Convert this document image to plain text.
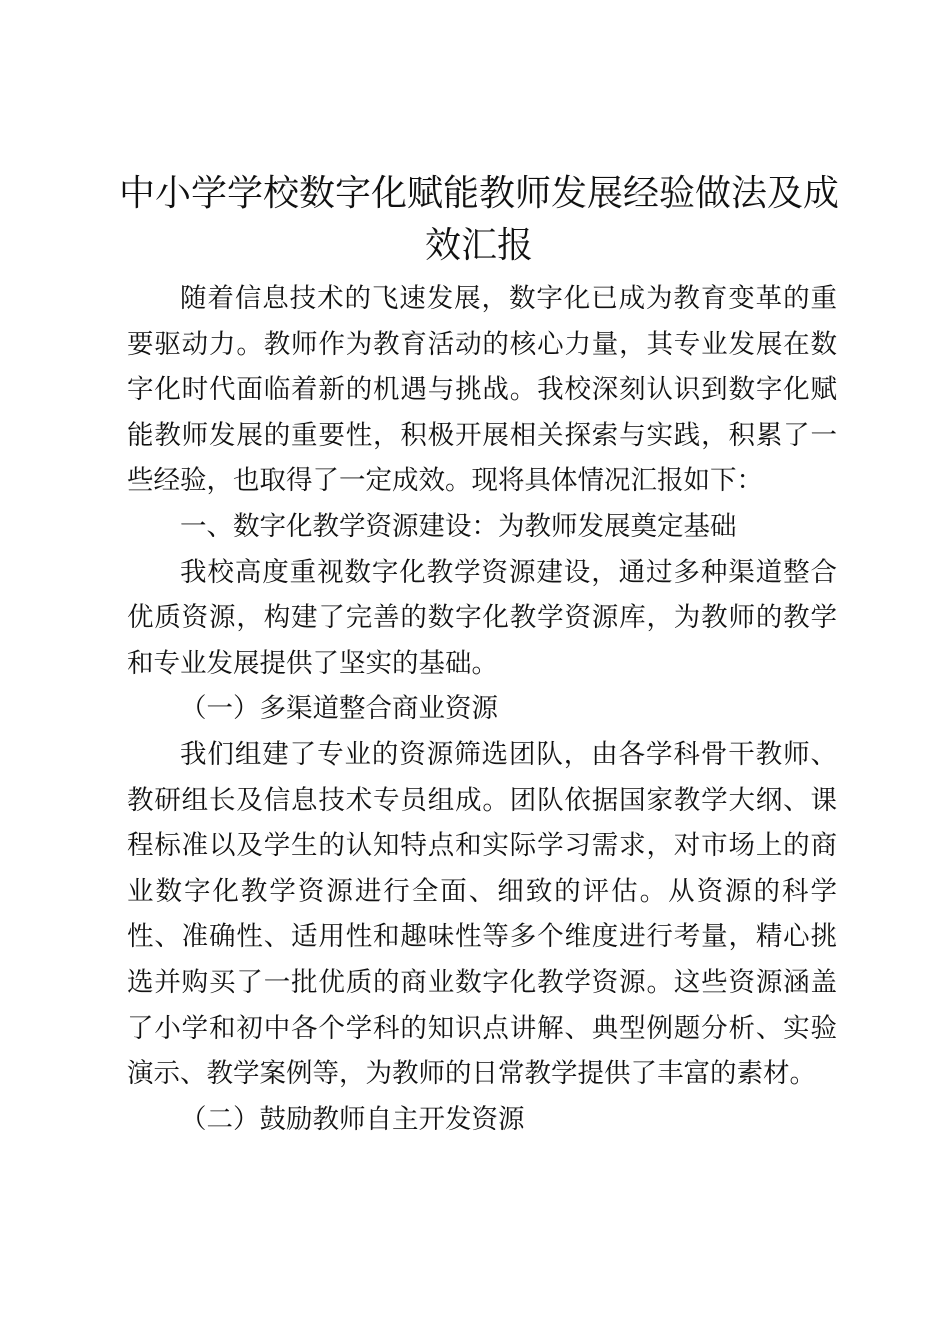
中小学学校数字化赋能教师发展经验做法及成效汇报

随着信息技术的飞速发展，数字化已成为教育变革的重要驱动力。教师作为教育活动的核心力量，其专业发展在数字化时代面临着新的机遇与挑战。我校深刻认识到数字化赋能教师发展的重要性，积极开展相关探索与实践，积累了一些经验，也取得了一定成效。现将具体情况汇报如下：

一、数字化教学资源建设：为教师发展奠定基础

我校高度重视数字化教学资源建设，通过多种渠道整合优质资源，构建了完善的数字化教学资源库，为教师的教学和专业发展提供了坚实的基础。

（一）多渠道整合商业资源

我们组建了专业的资源筛选团队，由各学科骨干教师、教研组长及信息技术专员组成。团队依据国家教学大纲、课程标准以及学生的认知特点和实际学习需求，对市场上的商业数字化教学资源进行全面、细致的评估。从资源的科学性、准确性、适用性和趣味性等多个维度进行考量，精心挑选并购买了一批优质的商业数字化教学资源。这些资源涵盖了小学和初中各个学科的知识点讲解、典型例题分析、实验演示、教学案例等，为教师的日常教学提供了丰富的素材。

（二）鼓励教师自主开发资源
